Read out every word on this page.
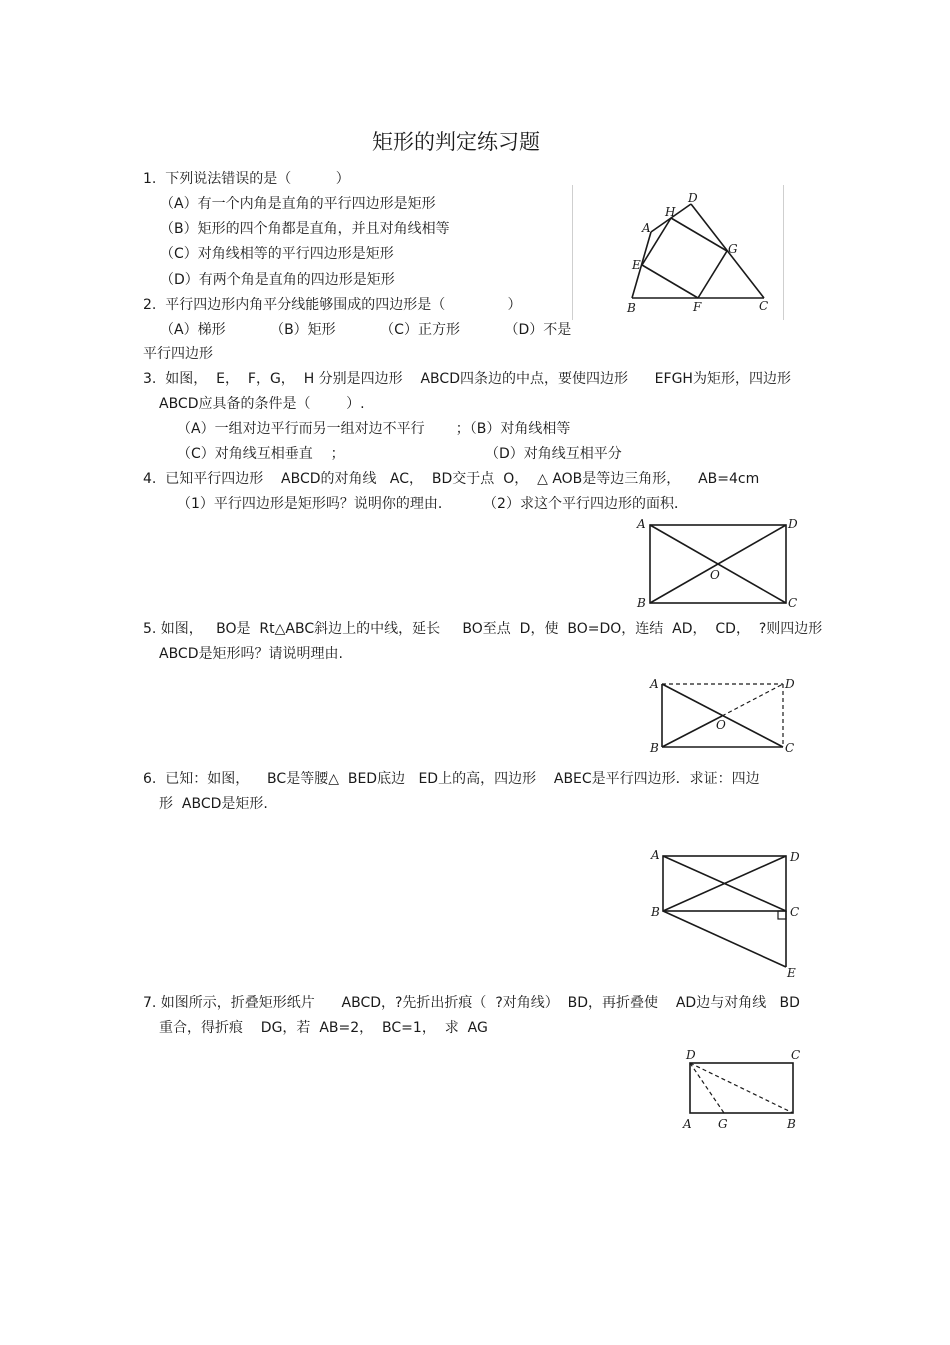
矩形的判定练习题
1.  下列说法错误的是（          ）
（A）有一个内角是直角的平行四边形是矩形
（B）矩形的四个角都是直角，并且对角线相等
（C）对角线相等的平行四边形是矩形
（D）有两个角是直角的四边形是矩形
2.  平行四边形内角平分线能够围成的四边形是（              ）
（A）梯形          （B）矩形          （C）正方形          （D）不是
平行四边形
A
H
D
G
E
B	F	C
3.  如图，  E，  F，G，  H 分别是四边形    ABCD四条边的中点，要使四边形      EFGH为矩形，四边形
ABCD应具备的条件是（        ）.
（A）一组对边平行而另一组对边不平行       ；（B）对角线相等
（C）对角线互相垂直    ；	（D）对角线互相平分
4.  已知平行四边形    ABCD的对角线   AC，  BD交于点  O，  △ AOB是等边三角形，    AB=4cm
（1）平行四边形是矩形吗？说明你的理由．       （2）求这个平行四边形的面积．
A	D
O
B	C
5. 如图，   BO是  Rt△ABC斜边上的中线，延长     BO至点  D，使  BO=DO，连结  AD，  CD，  ?则四边形
ABCD是矩形吗？请说明理由.
A	D
O
B	C
6.  已知：如图，    BC是等腰△  BED底边   ED上的高，四边形    ABEC是平行四边形．求证：四边
形  ABCD是矩形.
A	D
B	C
E
7. 如图所示，折叠矩形纸片      ABCD，?先折出折痕（  ?对角线）  BD，再折叠使    AD边与对角线   BD
重合，得折痕    DG，若  AB=2，  BC=1，  求  AG
D	C
A G	B
